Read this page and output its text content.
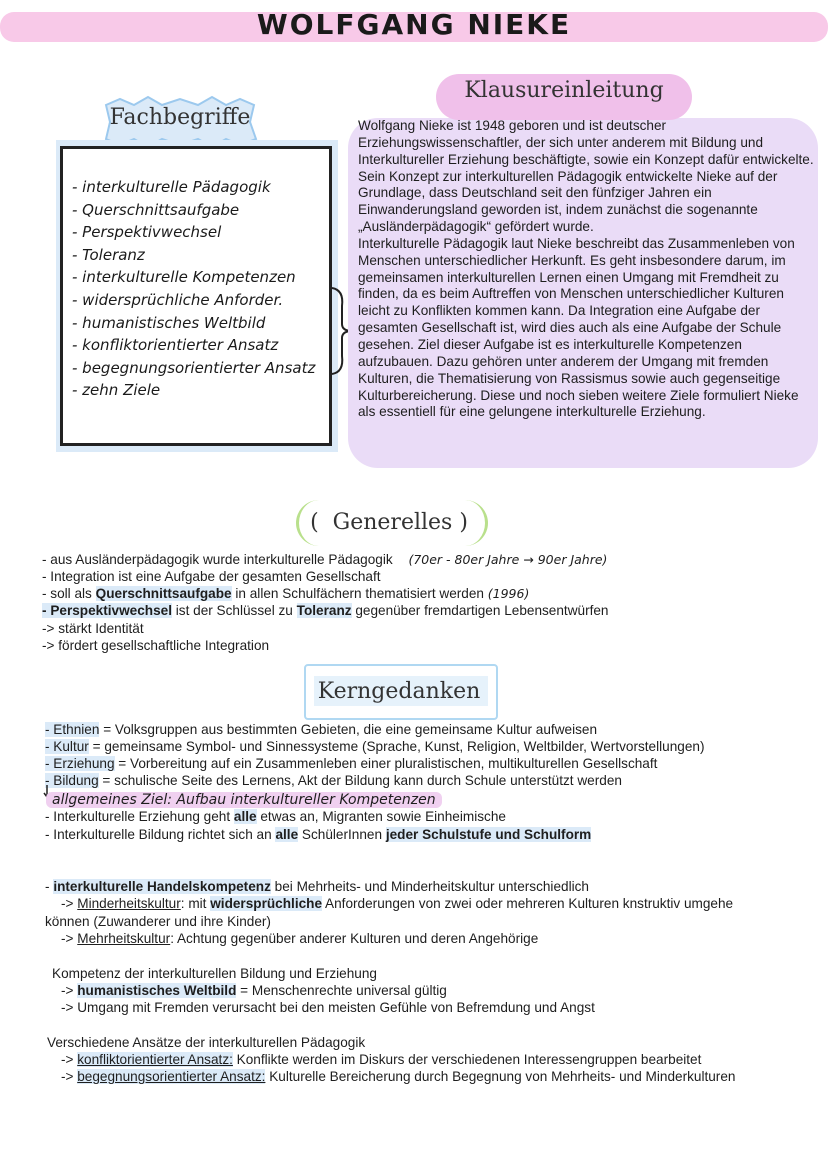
WOLFGANG NIEKE
Fachbegriffe
- interkulturelle Pädagogik
- Querschnittsaufgabe
- Perspektivwechsel
- Toleranz
- interkulturelle Kompetenzen
- widersprüchliche Anforder.
- humanistisches Weltbild
- konfliktorientierter Ansatz
- begegnungsorientierter Ansatz
- zehn Ziele
Klausureinleitung

Wolfgang Nieke ist 1948 geboren und ist deutscher Erziehungswissenschaftler, der sich unter anderem mit Bildung und Interkultureller Erziehung beschäftigte, sowie ein Konzept dafür entwickelte.

Sein Konzept zur interkulturellen Pädagogik entwickelte Nieke auf der Grundlage, dass Deutschland seit den fünfziger Jahren ein Einwanderungsland geworden ist, indem zunächst die sogenannte „Ausländerpädagogik“ gefördert wurde.

Interkulturelle Pädagogik laut Nieke beschreibt das Zusammenleben von Menschen unterschiedlicher Herkunft. Es geht insbesondere darum, im gemeinsamen interkulturellen Lernen einen Umgang mit Fremdheit zu finden, da es beim Auftreffen von Menschen unterschiedlicher Kulturen leicht zu Konflikten kommen kann. Da Integration eine Aufgabe der gesamten Gesellschaft ist, wird dies auch als eine Aufgabe der Schule gesehen. Ziel dieser Aufgabe ist es interkulturelle Kompetenzen aufzubauen. Dazu gehören unter anderem der Umgang mit fremden Kulturen, die Thematisierung von Rassismus sowie auch gegenseitige Kulturbereicherung. Diese und noch sieben weitere Ziele formuliert Nieke als essentiell für eine gelungene interkulturelle Erziehung.

(  Generelles )
- aus Ausländerpädagogik wurde interkulturelle Pädagogik (70er - 80er Jahre → 90er Jahre)
- Integration ist eine Aufgabe der gesamten Gesellschaft
- soll als Querschnittsaufgabe in allen Schulfächern thematisiert werden (1996)
- Perspektivwechsel ist der Schlüssel zu Toleranz gegenüber fremdartigen Lebensentwürfen
-> stärkt Identität
-> fördert gesellschaftliche Integration
Kerngedanken
- Ethnien = Volksgruppen aus bestimmten Gebieten, die eine gemeinsame Kultur aufweisen
- Kultur = gemeinsame Symbol- und Sinnessysteme (Sprache, Kunst, Religion, Weltbilder, Wertvorstellungen)
- Erziehung = Vorbereitung auf ein Zusammenleben einer pluralistischen, multikulturellen Gesellschaft
- Bildung = schulische Seite des Lernens, Akt der Bildung kann durch Schule unterstützt werden
allgemeines Ziel: Aufbau interkultureller Kompetenzen
- Interkulturelle Erziehung geht alle etwas an, Migranten sowie Einheimische
- Interkulturelle Bildung richtet sich an alle SchülerInnen jeder Schulstufe und Schulform
- interkulturelle Handelskompetenz bei Mehrheits- und Minderheitskultur unterschiedlich
-> Minderheitskultur: mit widersprüchliche Anforderungen von zwei oder mehreren Kulturen knstruktiv umgehe
können (Zuwanderer und ihre Kinder)
-> Mehrheitskultur: Achtung gegenüber anderer Kulturen und deren Angehörige
Kompetenz der interkulturellen Bildung und Erziehung
-> humanistisches Weltbild = Menschenrechte universal gültig
-> Umgang mit Fremden verursacht bei den meisten Gefühle von Befremdung und Angst
Verschiedene Ansätze der interkulturellen Pädagogik
-> konfliktorientierter Ansatz: Konflikte werden im Diskurs der verschiedenen Interessengruppen bearbeitet
-> begegnungsorientierter Ansatz: Kulturelle Bereicherung durch Begegnung von Mehrheits- und Minderkulturen
